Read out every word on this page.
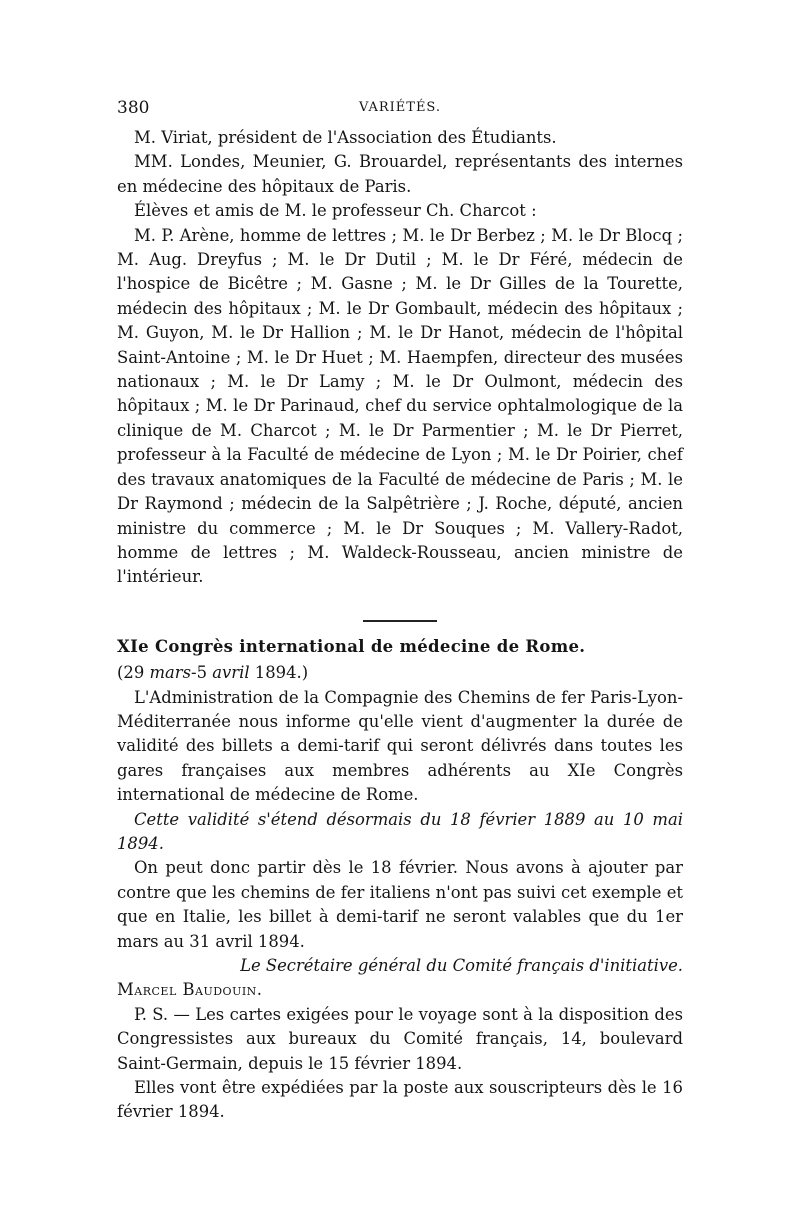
380	VARIÉTÉS.

M. Viriat, président de l'Association des Étudiants.

MM. Londes, Meunier, G. Brouardel, représentants des internes en médecine des hôpitaux de Paris.

Élèves et amis de M. le professeur Ch. Charcot :

M. P. Arène, homme de lettres ; M. le Dr Berbez ; M. le Dr Blocq ; M. Aug. Dreyfus ; M. le Dr Dutil ; M. le Dr Féré, médecin de l'hospice de Bicêtre ; M. Gasne ; M. le Dr Gilles de la Tourette, médecin des hôpitaux ; M. le Dr Gombault, médecin des hôpitaux ; M. Guyon, M. le Dr Hallion ; M. le Dr Hanot, médecin de l'hôpital Saint-Antoine ; M. le Dr Huet ; M. Haempfen, directeur des musées nationaux ; M. le Dr Lamy ; M. le Dr Oulmont, médecin des hôpitaux ; M. le Dr Parinaud, chef du service ophtalmologique de la clinique de M. Charcot ; M. le Dr Parmentier ; M. le Dr Pierret, professeur à la Faculté de médecine de Lyon ; M. le Dr Poirier, chef des travaux anatomiques de la Faculté de médecine de Paris ; M. le Dr Raymond ; médecin de la Salpêtrière ; J. Roche, député, ancien ministre du commerce ; M. le Dr Souques ; M. Vallery-Radot, homme de lettres ; M. Waldeck-Rousseau, ancien ministre de l'intérieur.

XIe Congrès international de médecine de Rome.

(29 mars-5 avril 1894.)

L'Administration de la Compagnie des Chemins de fer Paris-Lyon-Méditerranée nous informe qu'elle vient d'augmenter la durée de validité des billets a demi-tarif qui seront délivrés dans toutes les gares françaises aux membres adhérents au XIe Congrès international de médecine de Rome.

Cette validité s'étend désormais du 18 février 1889 au 10 mai 1894.

On peut donc partir dès le 18 février. Nous avons à ajouter par contre que les chemins de fer italiens n'ont pas suivi cet exemple et que en Italie, les billet à demi-tarif ne seront valables que du 1er mars au 31 avril 1894.

Le Secrétaire général du Comité français d'initiative.

Marcel Baudouin.

P. S. — Les cartes exigées pour le voyage sont à la disposition des Congressistes aux bureaux du Comité français, 14, boulevard Saint-Germain, depuis le 15 février 1894.

Elles vont être expédiées par la poste aux souscripteurs dès le 16 février 1894.
